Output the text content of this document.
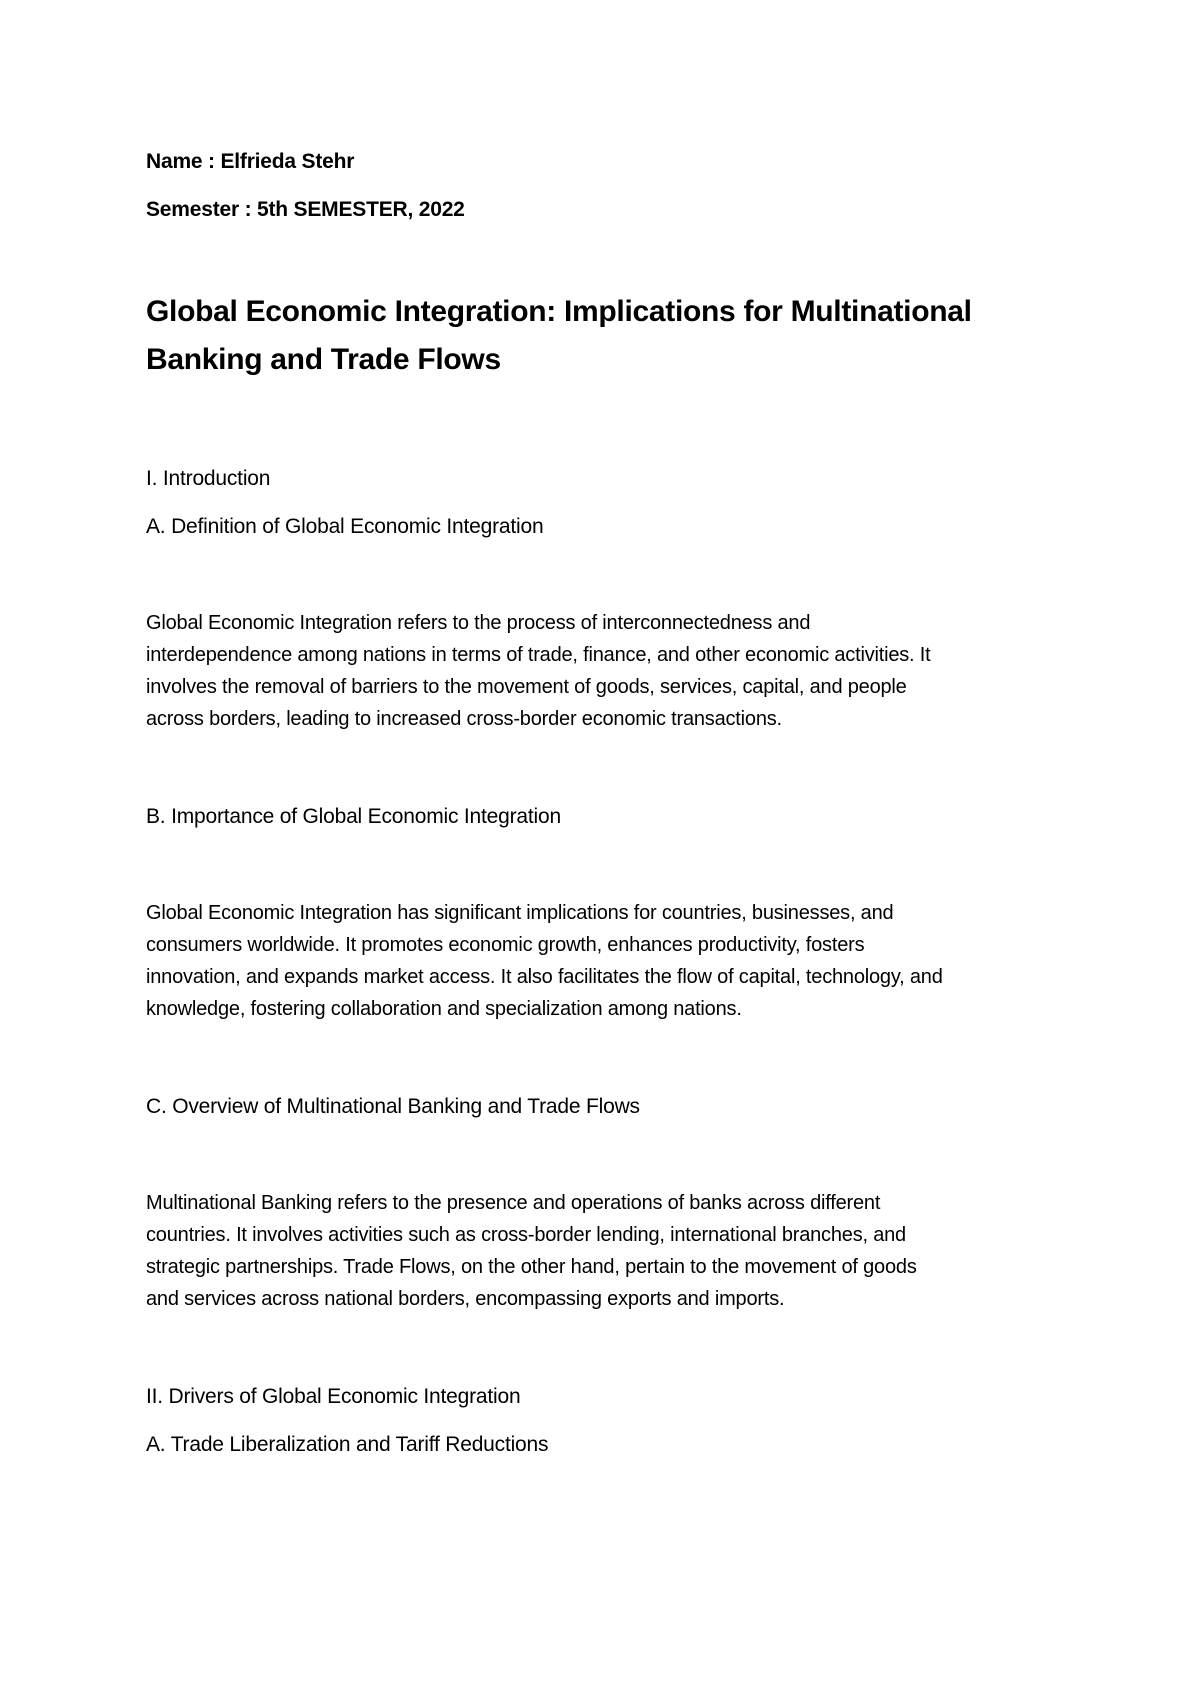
Name : Elfrieda Stehr

Semester : 5th SEMESTER, 2022

Global Economic Integration: Implications for Multinational Banking and Trade Flows

I. Introduction

A. Definition of Global Economic Integration

Global Economic Integration refers to the process of interconnectedness and
interdependence among nations in terms of trade, finance, and other economic activities. It
involves the removal of barriers to the movement of goods, services, capital, and people
across borders, leading to increased cross-border economic transactions.

B. Importance of Global Economic Integration

Global Economic Integration has significant implications for countries, businesses, and
consumers worldwide. It promotes economic growth, enhances productivity, fosters
innovation, and expands market access. It also facilitates the flow of capital, technology, and
knowledge, fostering collaboration and specialization among nations.

C. Overview of Multinational Banking and Trade Flows

Multinational Banking refers to the presence and operations of banks across different
countries. It involves activities such as cross-border lending, international branches, and
strategic partnerships. Trade Flows, on the other hand, pertain to the movement of goods
and services across national borders, encompassing exports and imports.

II. Drivers of Global Economic Integration

A. Trade Liberalization and Tariff Reductions
